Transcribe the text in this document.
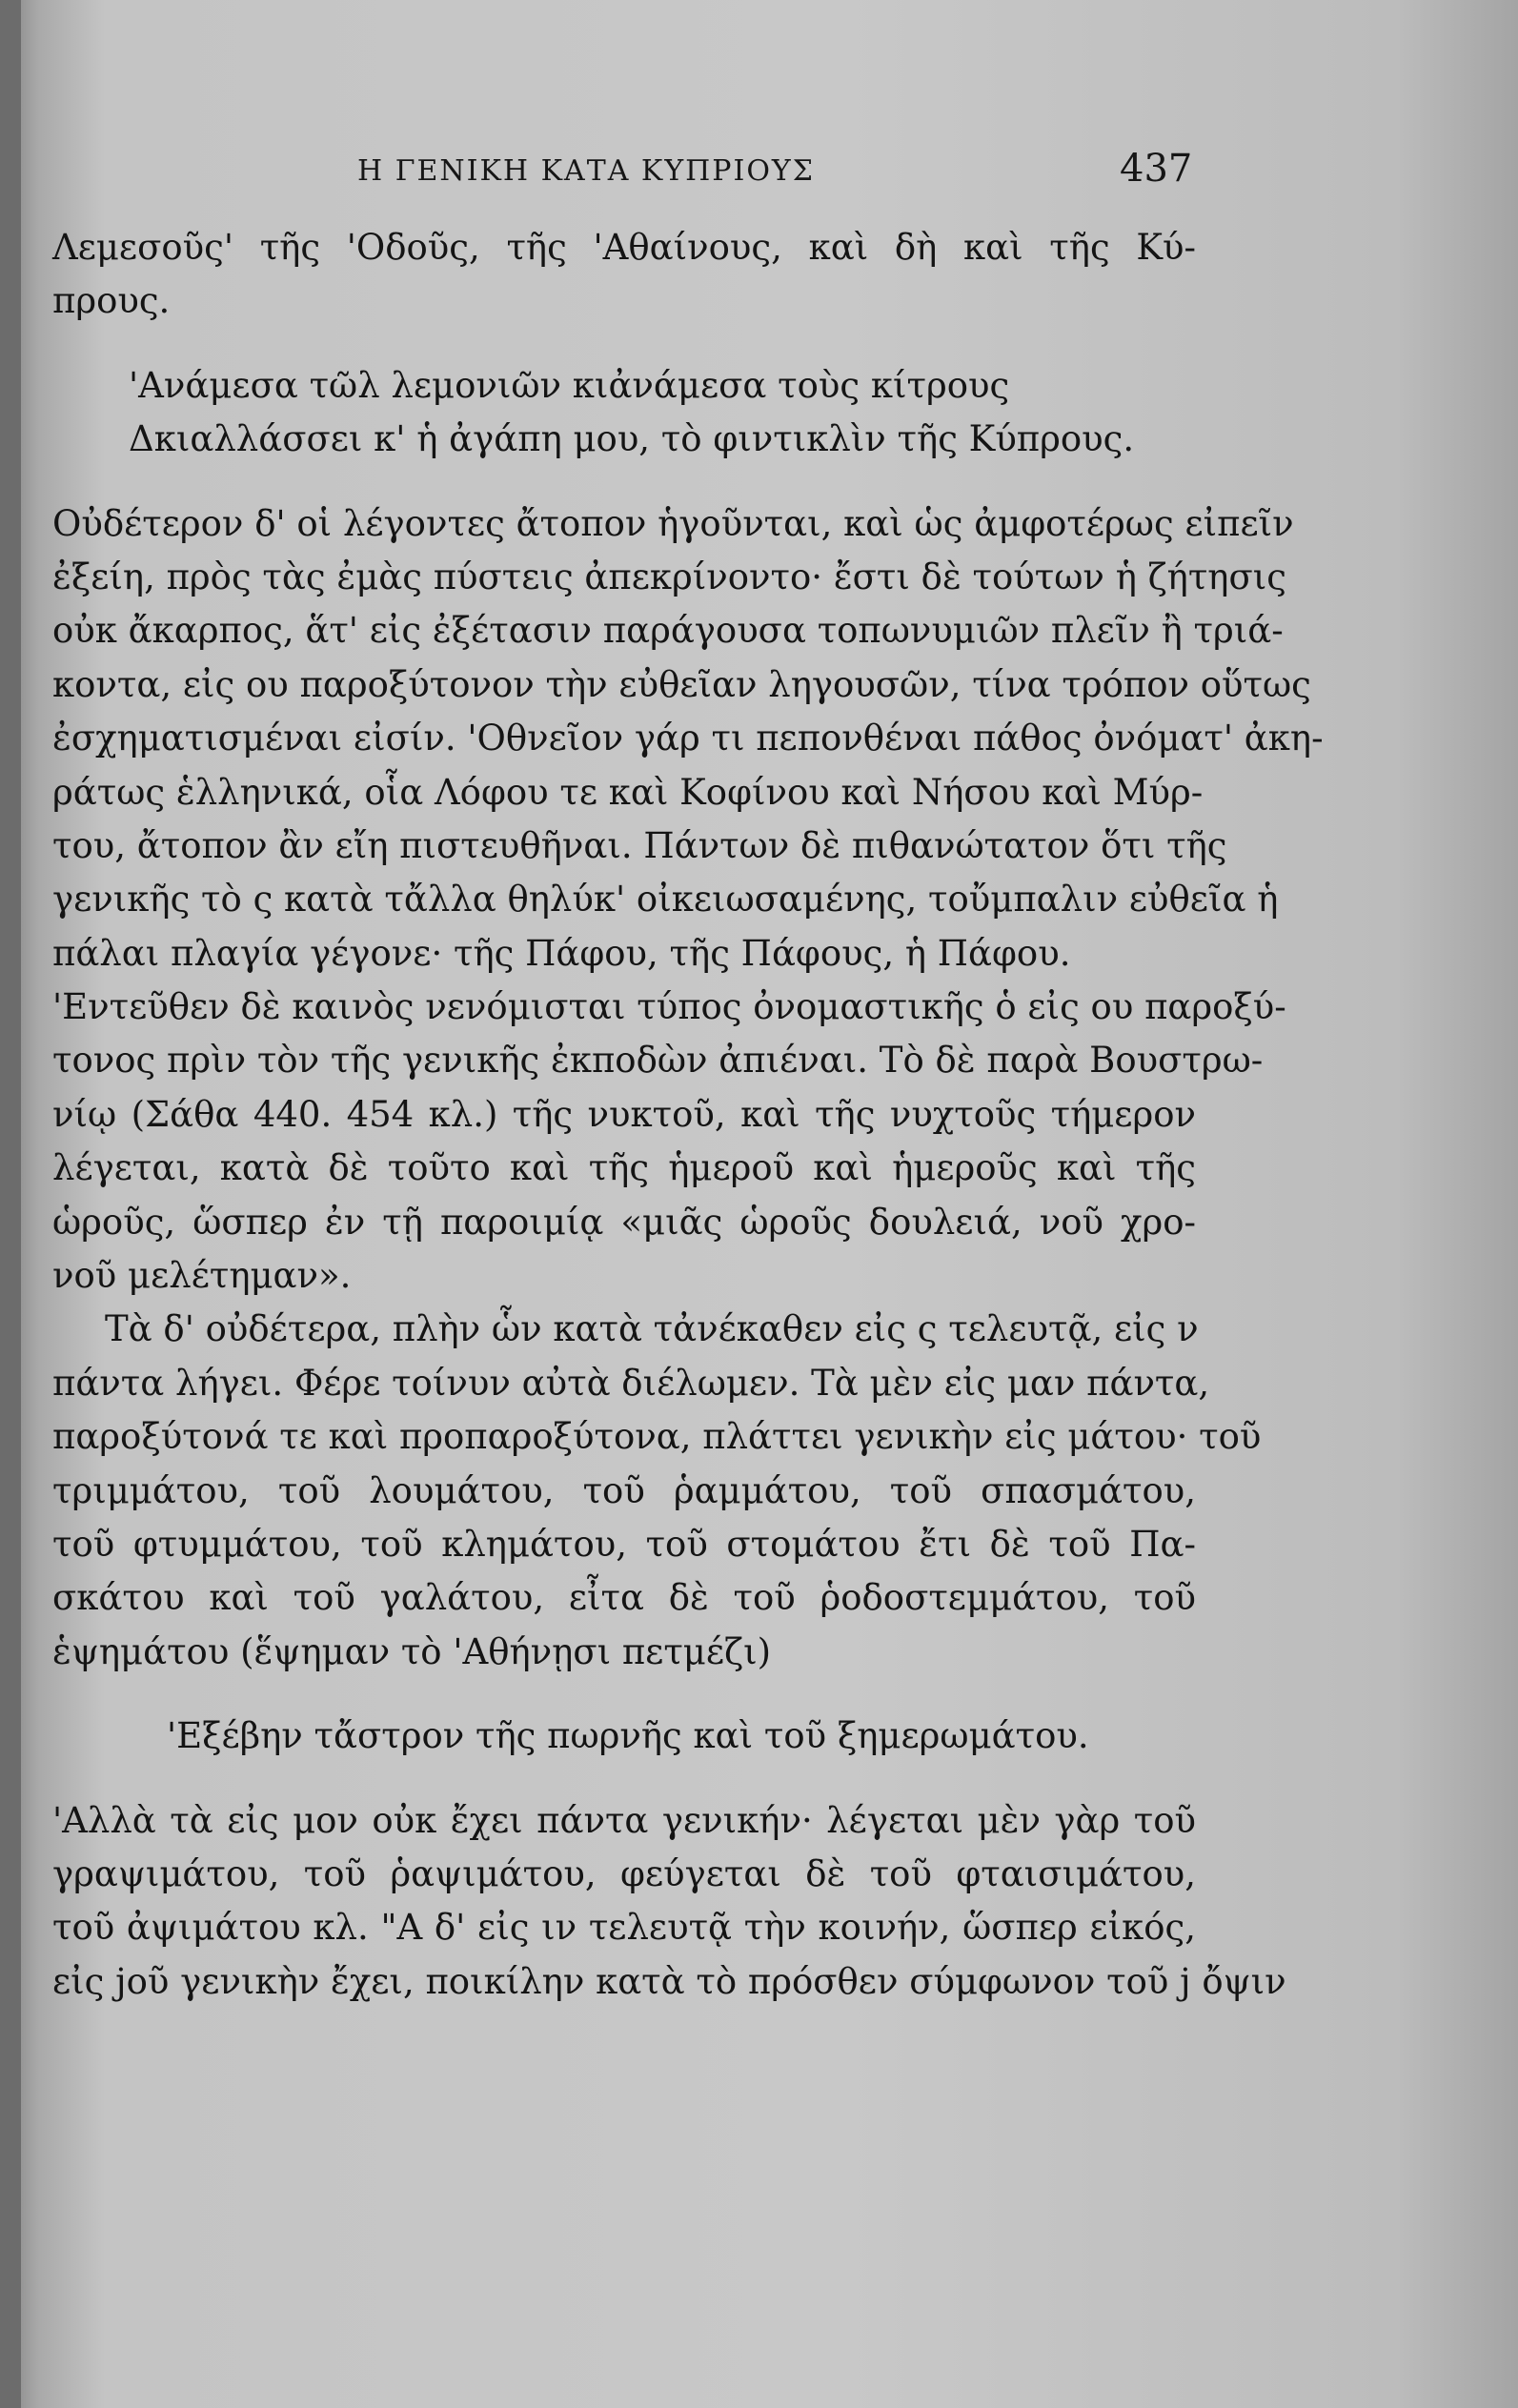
Η ΓΕΝΙΚΗ ΚΑΤΑ ΚΥΠΡΙΟΥΣ	437
Λεμεσοῦς' τῆς 'Οδοῦς, τῆς 'Αθαίνους, καὶ δὴ καὶ τῆς Κύ-
πρους.
'Ανάμεσα τῶλ λεμονιῶν κιἀνάμεσα τοὺς κίτρους
Δκιαλλάσσει κ' ἡ ἀγάπη μου, τὸ φιντικλὶν τῆς Κύπρους.
Οὐδέτερον δ' οἱ λέγοντες ἄτοπον ἡγοῦνται, καὶ ὡς ἀμφοτέρως εἰπεῖν
ἐξείη, πρὸς τὰς ἐμὰς πύστεις ἀπεκρίνοντο· ἔστι δὲ τούτων ἡ ζήτησις
οὐκ ἄκαρπος, ἅτ' εἰς ἐξέτασιν παράγουσα τοπωνυμιῶν πλεῖν ἢ τριά-
κοντα, εἰς ου παροξύτονον τὴν εὐθεῖαν ληγουσῶν, τίνα τρόπον οὕτως
ἐσχηματισμέναι εἰσίν. 'Οθνεῖον γάρ τι πεπονθέναι πάθος ὀνόματ' ἀκη-
ράτως ἑλληνικά, οἷα Λόφου τε καὶ Κοφίνου καὶ Νήσου καὶ Μύρ-
του, ἄτοπον ἂν εἴη πιστευθῆναι. Πάντων δὲ πιθανώτατον ὅτι τῆς
γενικῆς τὸ ς κατὰ τἄλλα θηλύκ' οἰκειωσαμένης, τοὔμπαλιν εὐθεῖα ἡ
πάλαι πλαγία γέγονε· τῆς Πάφου, τῆς Πάφους, ἡ Πάφου.
'Εντεῦθεν δὲ καινὸς νενόμισται τύπος ὀνομαστικῆς ὁ εἰς ου παροξύ-
τονος πρὶν τὸν τῆς γενικῆς ἐκποδὼν ἀπιέναι. Τὸ δὲ παρὰ Βουστρω-
νίῳ (Σάθα 440. 454 κλ.) τῆς νυκτοῦ, καὶ τῆς νυχτοῦς τήμερον
λέγεται, κατὰ δὲ τοῦτο καὶ τῆς ἡμεροῦ καὶ ἡμεροῦς καὶ τῆς
ὡροῦς, ὥσπερ ἐν τῇ παροιμίᾳ «μιᾶς ὡροῦς δουλειά, νοῦ χρο-
νοῦ μελέτημαν».
Τὰ δ' οὐδέτερα, πλὴν ὧν κατὰ τἀνέκαθεν εἰς ς τελευτᾷ, εἰς ν
πάντα λήγει. Φέρε τοίνυν αὐτὰ διέλωμεν. Τὰ μὲν εἰς μαν πάντα,
παροξύτονά τε καὶ προπαροξύτονα, πλάττει γενικὴν εἰς μάτου· τοῦ
τριμμάτου, τοῦ λουμάτου, τοῦ ῥαμμάτου, τοῦ σπασμάτου,
τοῦ φτυμμάτου, τοῦ κλημάτου, τοῦ στομάτου ἔτι δὲ τοῦ Πα-
σκάτου καὶ τοῦ γαλάτου, εἶτα δὲ τοῦ ῥοδοστεμμάτου, τοῦ
ἑψημάτου (ἕψημαν τὸ 'Αθήνῃσι πετμέζι)
'Εξέβην τἄστρον τῆς πωρνῆς καὶ τοῦ ξημερωμάτου.
'Αλλὰ τὰ εἰς μον οὐκ ἔχει πάντα γενικήν· λέγεται μὲν γὰρ τοῦ
γραψιμάτου, τοῦ ῥαψιμάτου, φεύγεται δὲ τοῦ φταισιμάτου,
τοῦ ἀψιμάτου κλ. "Α δ' εἰς ιν τελευτᾷ τὴν κοινήν, ὥσπερ εἰκός,
εἰς ϳοῦ γενικὴν ἔχει, ποικίλην κατὰ τὸ πρόσθεν σύμφωνον τοῦ ϳ ὄψιν
